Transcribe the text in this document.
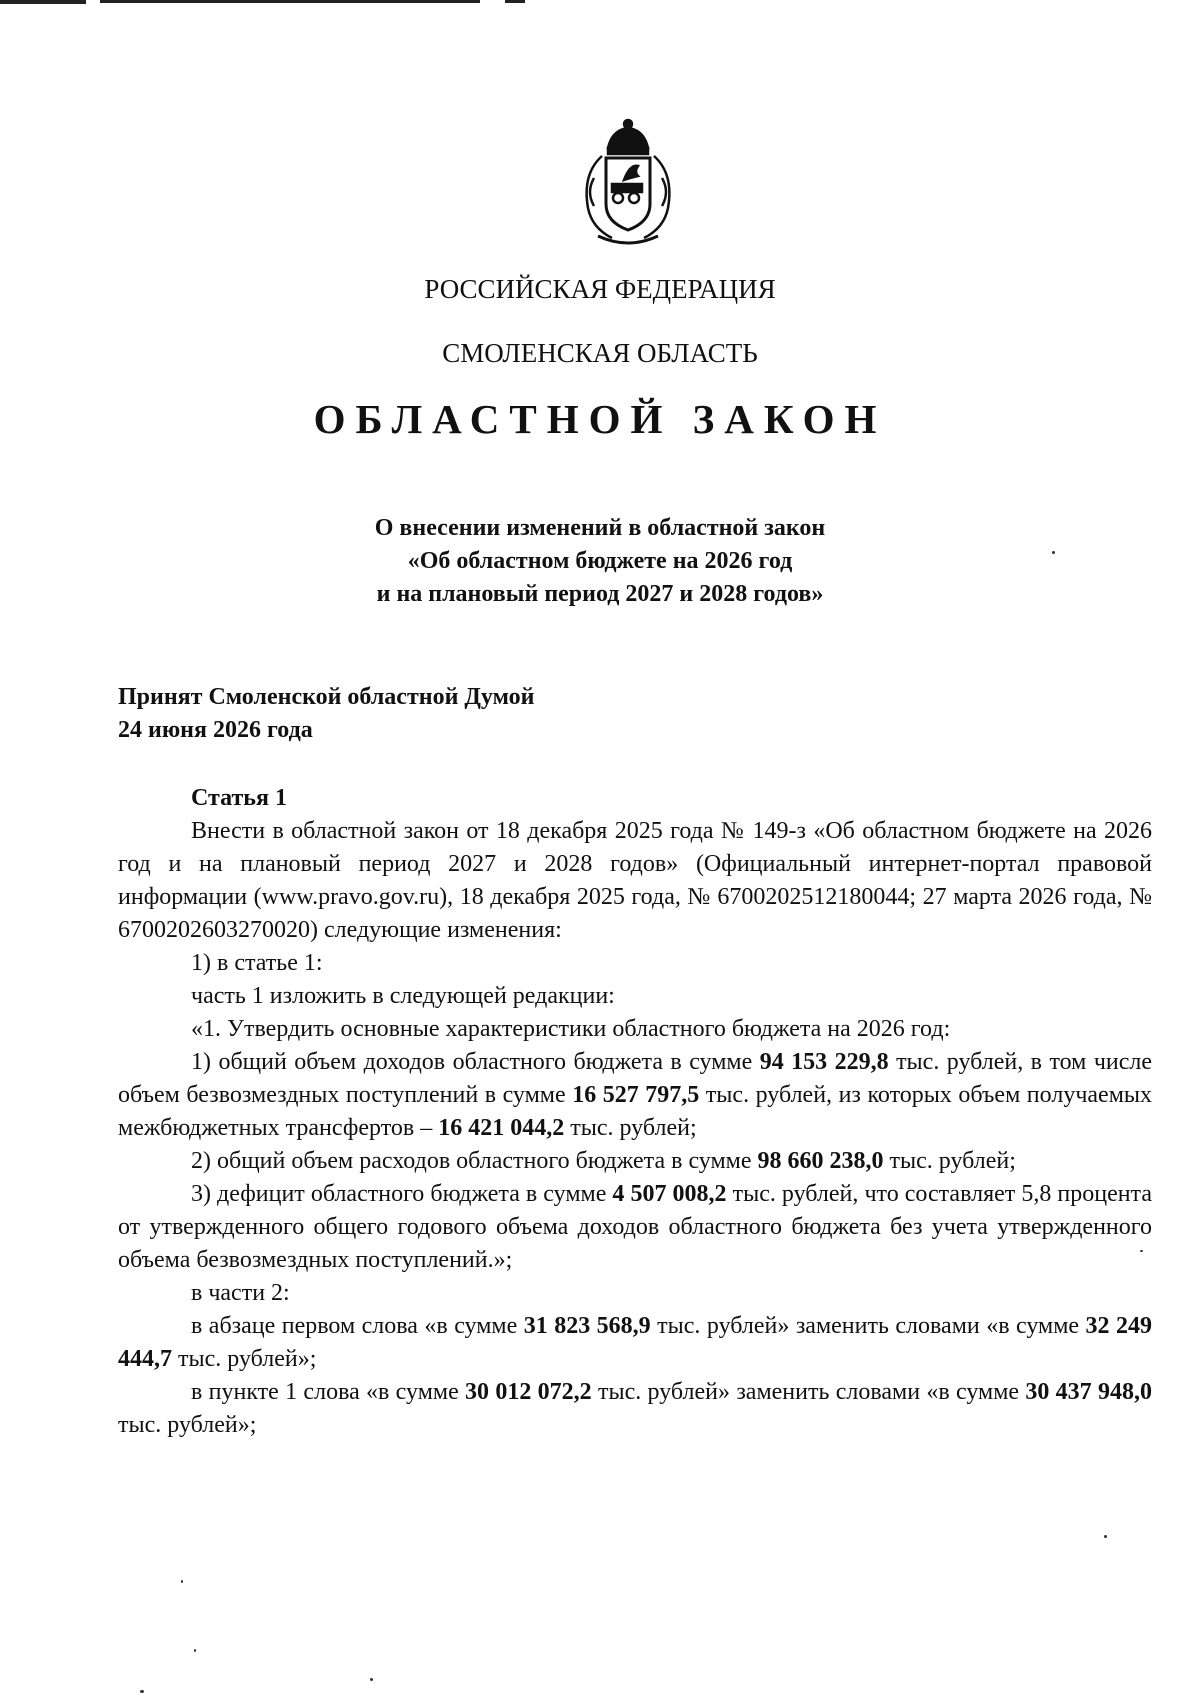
РОССИЙСКАЯ ФЕДЕРАЦИЯ
СМОЛЕНСКАЯ ОБЛАСТЬ
ОБЛАСТНОЙ ЗАКОН
О внесении изменений в областной закон
«Об областном бюджете на 2026 год
и на плановый период 2027 и 2028 годов»
Принят Смоленской областной Думой
24 июня 2026 года

Статья 1

Внести в областной закон от 18 декабря 2025 года № 149-з «Об областном бюджете на 2026 год и на плановый период 2027 и 2028 годов» (Официальный интернет-портал правовой информации (www.pravo.gov.ru), 18 декабря 2025 года, № 6700202512180044; 27 марта 2026 года, № 6700202603270020) следующие изменения:

1) в статье 1:

часть 1 изложить в следующей редакции:

«1. Утвердить основные характеристики областного бюджета на 2026 год:

1) общий объем доходов областного бюджета в сумме 94 153 229,8 тыс. рублей, в том числе объем безвозмездных поступлений в сумме 16 527 797,5 тыс. рублей, из которых объем получаемых межбюджетных трансфертов – 16 421 044,2 тыс. рублей;

2) общий объем расходов областного бюджета в сумме 98 660 238,0 тыс. рублей;

3) дефицит областного бюджета в сумме 4 507 008,2 тыс. рублей, что составляет 5,8 процента от утвержденного общего годового объема доходов областного бюджета без учета утвержденного объема безвозмездных поступлений.»;

в части 2:

в абзаце первом слова «в сумме 31 823 568,9 тыс. рублей» заменить словами «в сумме 32 249 444,7 тыс. рублей»;

в пункте 1 слова «в сумме 30 012 072,2 тыс. рублей» заменить словами «в сумме 30 437 948,0 тыс. рублей»;
